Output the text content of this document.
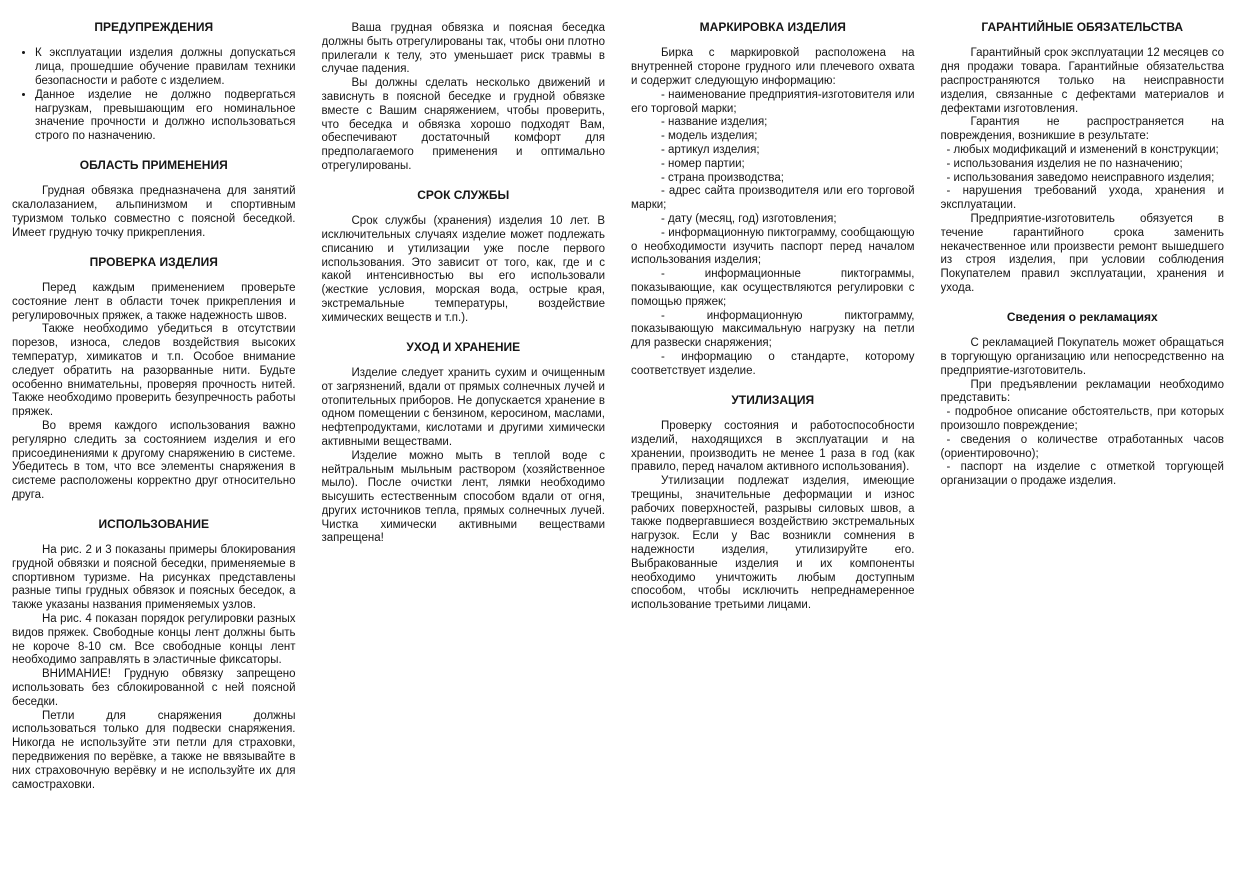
ПРЕДУПРЕЖДЕНИЯ

• К эксплуатации изделия должны допускаться лица, прошедшие обучение правилам техники безопасности и работе с изделием.
• Данное изделие не должно подвергаться нагрузкам, превышающим его номинальное значение прочности и должно использоваться строго по назначению.

ОБЛАСТЬ ПРИМЕНЕНИЯ

Грудная обвязка предназначена для занятий скалолазанием, альпинизмом и спортивным туризмом только совместно с поясной беседкой. Имеет грудную точку прикрепления.

ПРОВЕРКА ИЗДЕЛИЯ

Перед каждым применением проверьте состояние лент в области точек прикрепления и регулировочных пряжек, а также надежность швов.

Также необходимо убедиться в отсутствии порезов, износа, следов воздействия высоких температур, химикатов и т.п. Особое внимание следует обратить на разорванные нити. Будьте особенно внимательны, проверяя прочность нитей. Также необходимо проверить безупречность работы пряжек.

Во время каждого использования важно регулярно следить за состоянием изделия и его присоединениями к другому снаряжению в системе. Убедитесь в том, что все элементы снаряжения в системе расположены корректно друг относительно друга.

ИСПОЛЬЗОВАНИЕ

На рис. 2 и 3 показаны примеры блокирования грудной обвязки и поясной беседки, применяемые в спортивном туризме. На рисунках представлены разные типы грудных обвязок и поясных беседок, а также указаны названия применяемых узлов.

На рис. 4 показан порядок регулировки разных видов пряжек. Свободные концы лент должны быть не короче 8-10 см. Все свободные концы лент необходимо заправлять в эластичные фиксаторы.

ВНИМАНИЕ! Грудную обвязку запрещено использовать без сблокированной с ней поясной беседки.

Петли для снаряжения должны использоваться только для подвески снаряжения. Никогда не используйте эти петли для страховки, передвижения по верёвке, а также не ввязывайте в них страховочную верёвку и не используйте их для самостраховки.

Ваша грудная обвязка и поясная беседка должны быть отрегулированы так, чтобы они плотно прилегали к телу, это уменьшает риск травмы в случае падения.

Вы должны сделать несколько движений и зависнуть в поясной беседке и грудной обвязке вместе с Вашим снаряжением, чтобы проверить, что беседка и обвязка хорошо подходят Вам, обеспечивают достаточный комфорт для предполагаемого применения и оптимально отрегулированы.

СРОК СЛУЖБЫ

Срок службы (хранения) изделия 10 лет. В исключительных случаях изделие может подлежать списанию и утилизации уже после первого использования. Это зависит от того, как, где и с какой интенсивностью вы его использовали (жесткие условия, морская вода, острые края, экстремальные температуры, воздействие химических веществ и т.п.).

УХОД И ХРАНЕНИЕ

Изделие следует хранить сухим и очищенным от загрязнений, вдали от прямых солнечных лучей и отопительных приборов. Не допускается хранение в одном помещении с бензином, керосином, маслами, нефтепродуктами, кислотами и другими химически активными веществами.

Изделие можно мыть в теплой воде с нейтральным мыльным раствором (хозяйственное мыло). После очистки лент, лямки необходимо высушить естественным способом вдали от огня, других источников тепла, прямых солнечных лучей. Чистка химически активными веществами запрещена!

МАРКИРОВКА ИЗДЕЛИЯ

Бирка с маркировкой расположена на внутренней стороне грудного или плечевого охвата и содержит следующую информацию:

- наименование предприятия-изготовителя или его торговой марки;

- название изделия;

- модель изделия;

- артикул изделия;

- номер партии;

- страна производства;

- адрес сайта производителя или его торговой марки;

- дату (месяц, год) изготовления;

- информационную пиктограмму, сообщающую о необходимости изучить паспорт перед началом использования изделия;

- информационные пиктограммы, показывающие, как осуществляются регулировки с помощью пряжек;

- информационную пиктограмму, показывающую максимальную нагрузку на петли для развески снаряжения;

- информацию о стандарте, которому соответствует изделие.

УТИЛИЗАЦИЯ

Проверку состояния и работоспособности изделий, находящихся в эксплуатации и на хранении, производить не менее 1 раза в год (как правило, перед началом активного использования).

Утилизации подлежат изделия, имеющие трещины, значительные деформации и износ рабочих поверхностей, разрывы силовых швов, а также подвергавшиеся воздействию экстремальных нагрузок. Если у Вас возникли сомнения в надежности изделия, утилизируйте его. Выбракованные изделия и их компоненты необходимо уничтожить любым доступным способом, чтобы исключить непреднамеренное использование третьими лицами.

ГАРАНТИЙНЫЕ ОБЯЗАТЕЛЬСТВА

Гарантийный срок эксплуатации 12 месяцев со дня продажи товара. Гарантийные обязательства распространяются только на неисправности изделия, связанные с дефектами материалов и дефектами изготовления.

Гарантия не распространяется на повреждения, возникшие в результате:

- любых модификаций и изменений в конструкции;

- использования изделия не по назначению;

- использования заведомо неисправного изделия;

- нарушения требований ухода, хранения и эксплуатации.

Предприятие-изготовитель обязуется в течение гарантийного срока заменить некачественное или произвести ремонт вышедшего из строя изделия, при условии соблюдения Покупателем правил эксплуатации, хранения и ухода.

Сведения о рекламациях

С рекламацией Покупатель может обращаться в торгующую организацию или непосредственно на предприятие-изготовитель.

При предъявлении рекламации необходимо представить:

- подробное описание обстоятельств, при которых произошло повреждение;

- сведения о количестве отработанных часов (ориентировочно);

- паспорт на изделие с отметкой торгующей организации о продаже изделия.
